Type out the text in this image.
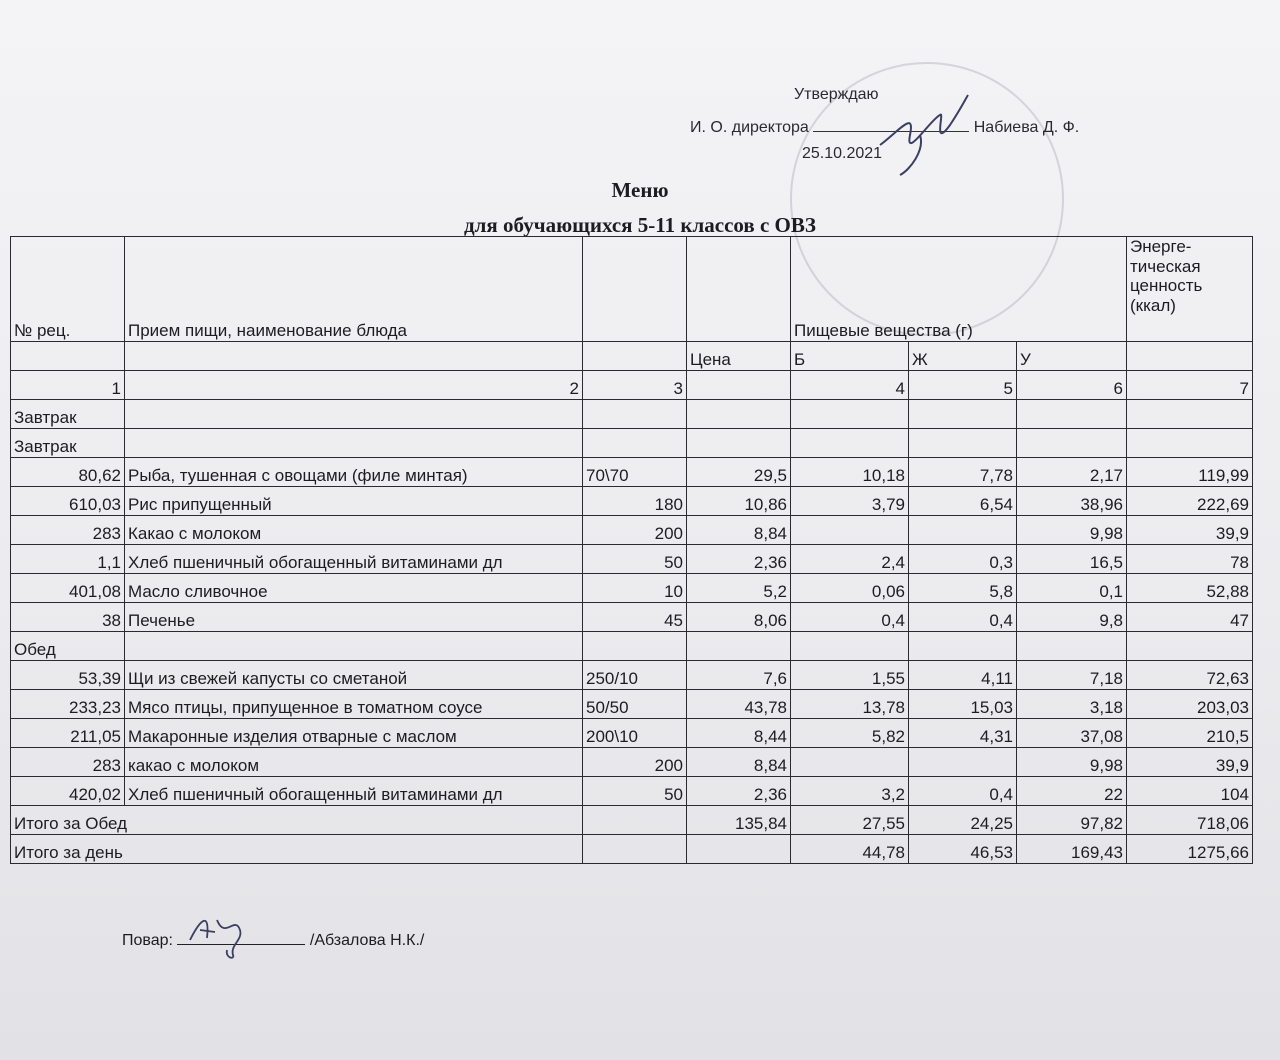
Утверждаю
И. О. директора	Набиева Д. Ф.
25.10.2021
Меню
для обучающихся 5-11 классов с ОВЗ
№ рец.	Прием пищи, наименование блюда			Пищевые вещества (г)			Энерге-тическая ценность (ккал)
			Цена	Б	Ж	У	
1	2	3		4	5	6	7
Завтрак							
Завтрак							
80,62	Рыба, тушенная с овощами (филе минтая)	70\70	29,5	10,18	7,78	2,17	119,99
610,03	Рис припущенный	180	10,86	3,79	6,54	38,96	222,69
283	Какао с молоком	200	8,84			9,98	39,9
1,1	Хлеб пшеничный обогащенный витаминами дл	50	2,36	2,4	0,3	16,5	78
401,08	Масло сливочное	10	5,2	0,06	5,8	0,1	52,88
38	Печенье	45	8,06	0,4	0,4	9,8	47
Обед							
53,39	Щи из свежей капусты со сметаной	250/10	7,6	1,55	4,11	7,18	72,63
233,23	Мясо птицы, припущенное в томатном соусе	50/50	43,78	13,78	15,03	3,18	203,03
211,05	Макаронные изделия отварные с маслом	200\10	8,44	5,82	4,31	37,08	210,5
283	какао с молоком	200	8,84			9,98	39,9
420,02	Хлеб пшеничный обогащенный витаминами дл	50	2,36	3,2	0,4	22	104
Итого за Обед			135,84	27,55	24,25	97,82	718,06
Итого за день				44,78	46,53	169,43	1275,66
Повар:	/Абзалова Н.К./
